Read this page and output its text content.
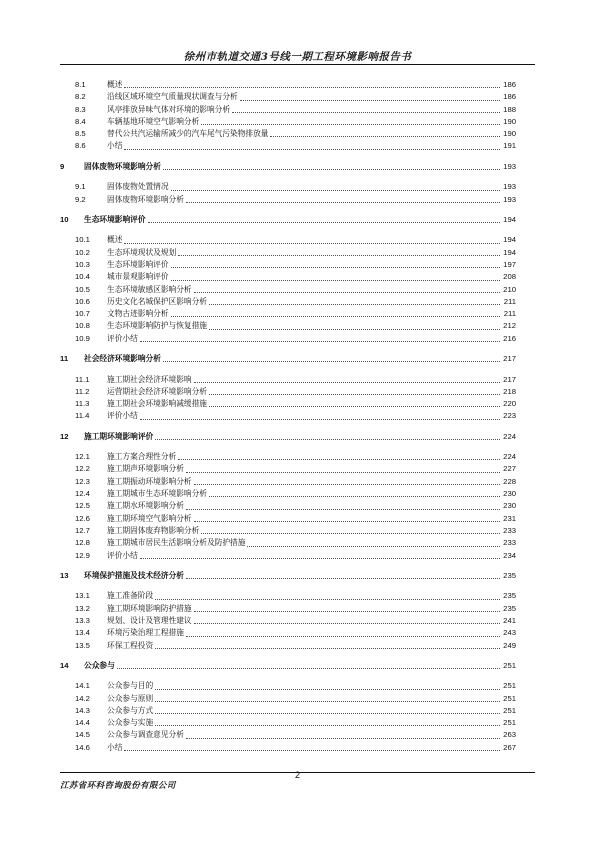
徐州市轨道交通3号线一期工程环境影响报告书
8.1	概述	186
8.2	沿线区域环境空气质量现状调查与分析	186
8.3	风亭排放异味气体对环境的影响分析	188
8.4	车辆基地环境空气影响分析	190
8.5	替代公共汽运输所减少的汽车尾气污染物排放量	190
8.6	小结	191
9	固体废物环境影响分析	193
9.1	固体废物处置情况	193
9.2	固体废物环境影响分析	193
10	生态环境影响评价	194
10.1	概述	194
10.2	生态环境现状及规划	194
10.3	生态环境影响评价	197
10.4	城市景观影响评价	208
10.5	生态环境敏感区影响分析	210
10.6	历史文化名城保护区影响分析	211
10.7	文物古迹影响分析	211
10.8	生态环境影响防护与恢复措施	212
10.9	评价小结	216
11	社会经济环境影响分析	217
11.1	施工期社会经济环境影响	217
11.2	运营期社会经济环境影响分析	218
11.3	施工期社会环境影响减缓措施	220
11.4	评价小结	223
12	施工期环境影响评价	224
12.1	施工方案合理性分析	224
12.2	施工期声环境影响分析	227
12.3	施工期振动环境影响分析	228
12.4	施工期城市生态环境影响分析	230
12.5	施工期水环境影响分析	230
12.6	施工期环境空气影响分析	231
12.7	施工期固体废弃物影响分析	233
12.8	施工期城市居民生活影响分析及防护措施	233
12.9	评价小结	234
13	环境保护措施及技术经济分析	235
13.1	施工准备阶段	235
13.2	施工期环境影响防护措施	235
13.3	规划、设计及管理性建议	241
13.4	环境污染治理工程措施	243
13.5	环保工程投资	249
14	公众参与	251
14.1	公众参与目的	251
14.2	公众参与原则	251
14.3	公众参与方式	251
14.4	公众参与实施	251
14.5	公众参与调查意见分析	263
14.6	小结	267
2
江苏省环科咨询股份有限公司
